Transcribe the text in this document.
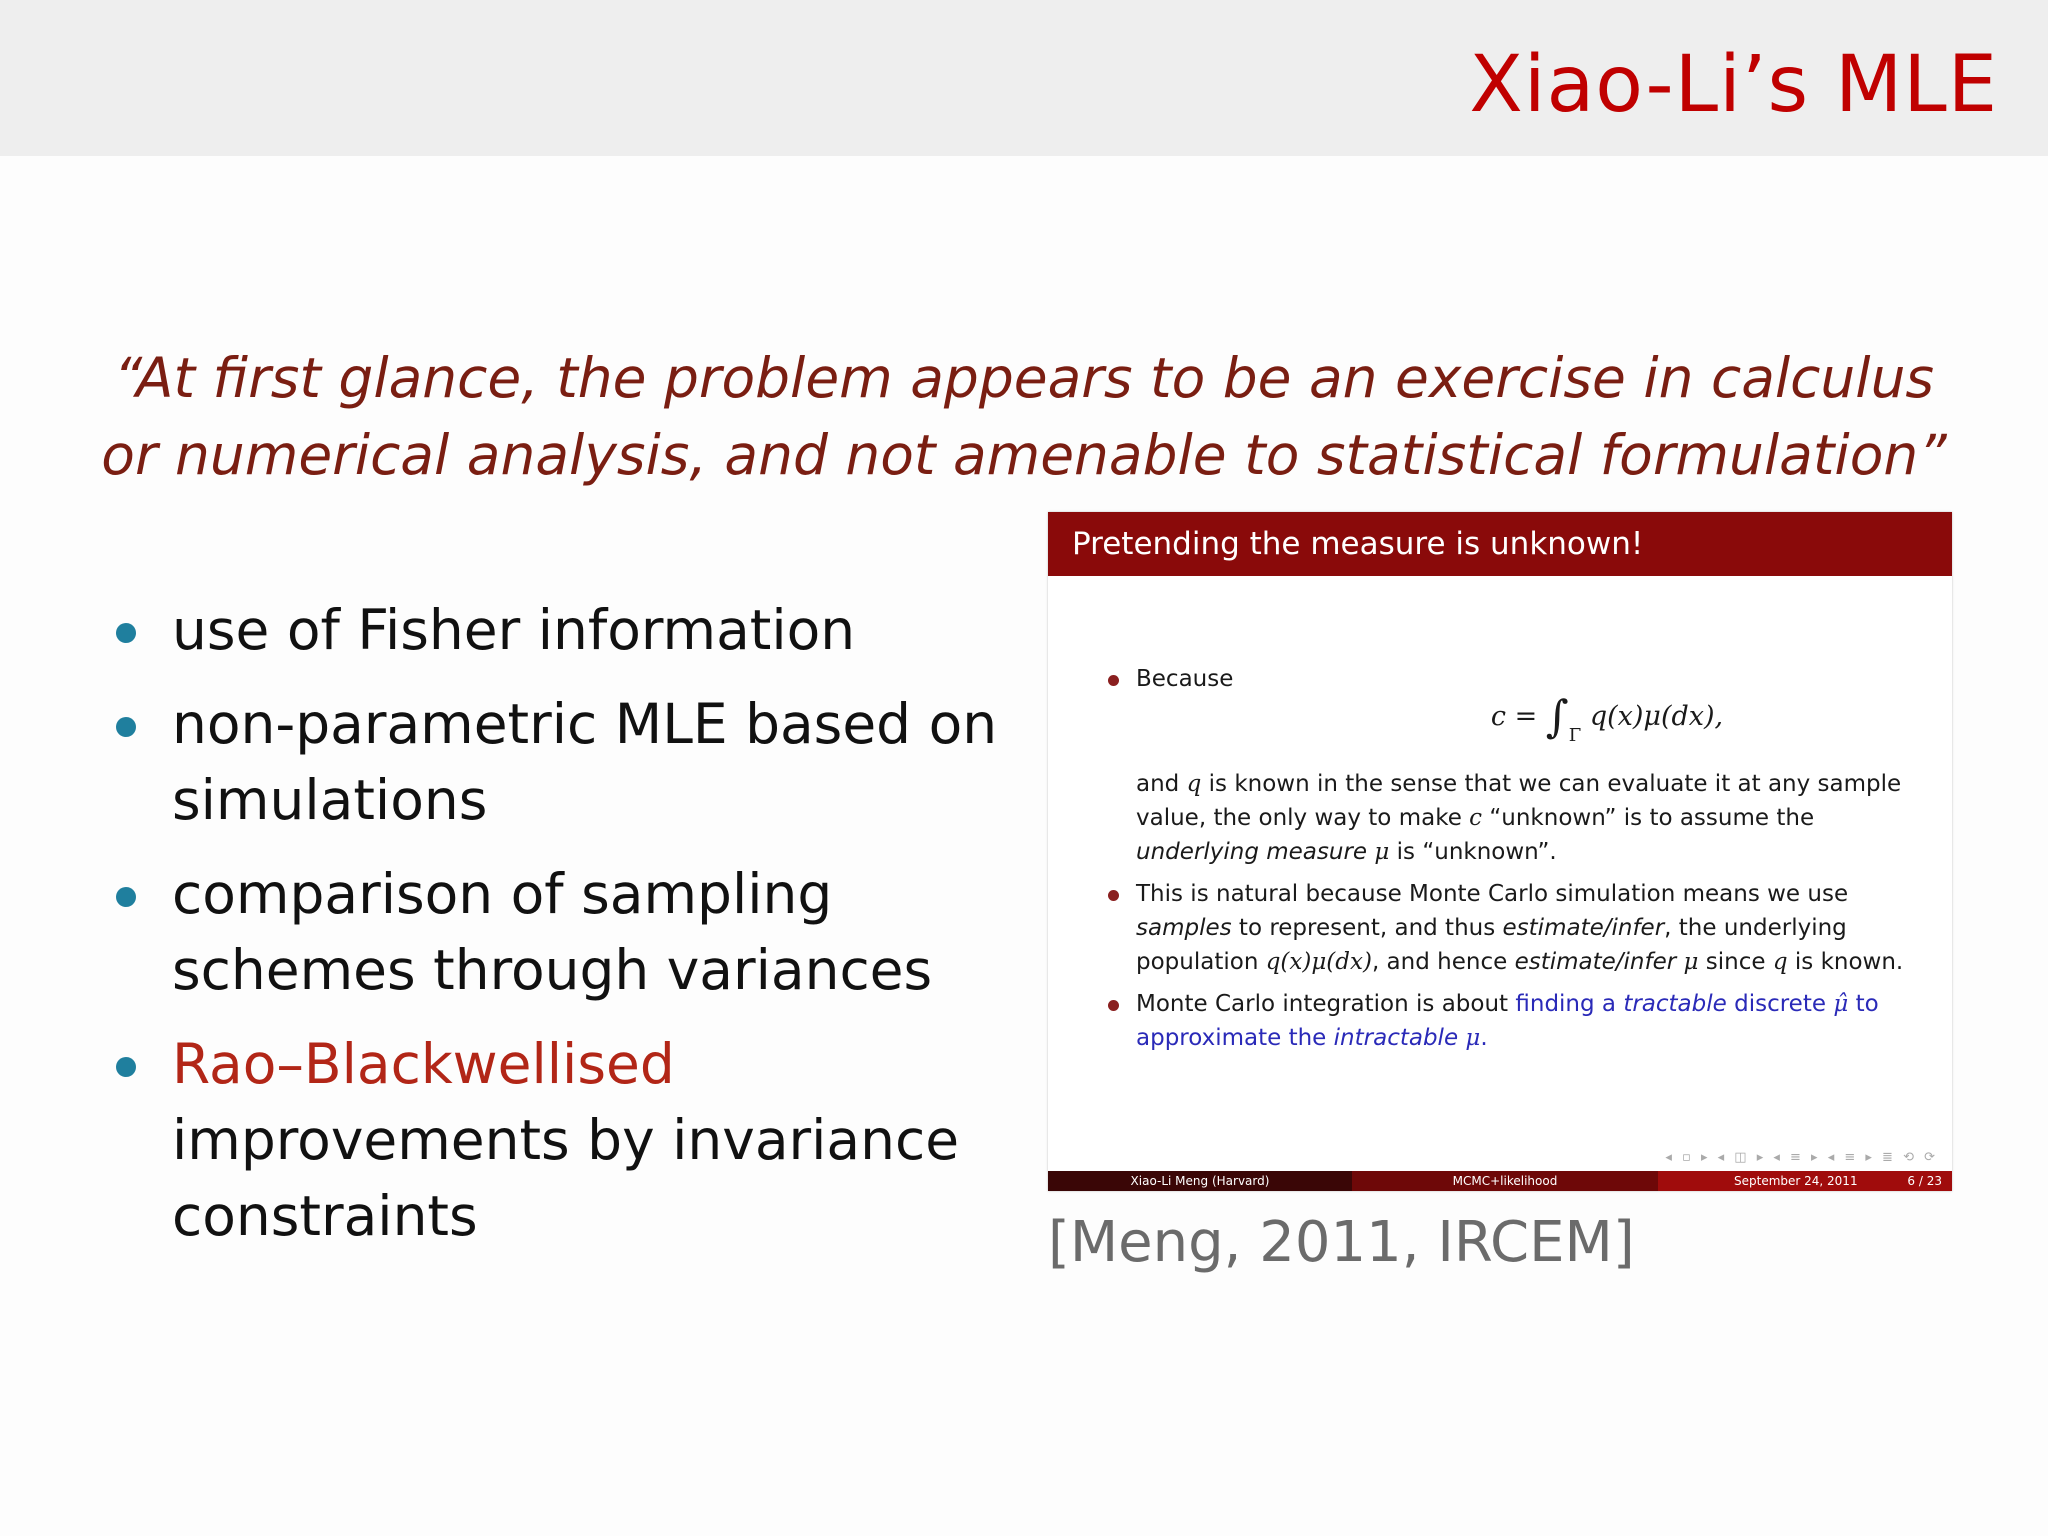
Xiao-Li’s MLE
“At first glance, the problem appears to be an exercise in calculus
or numerical analysis, and not amenable to statistical formulation”
use of Fisher information
non-parametric MLE based on
simulations
comparison of sampling
schemes through variances
Rao–Blackwellised
improvements by invariance
constraints
Pretending the measure is unknown!
Because
$c = \int_\Gamma$ q(x)μ(dx),
and q is known in the sense that we can evaluate it at any sample value, the only way to make c “unknown” is to assume the underlying measure μ is “unknown”.
This is natural because Monte Carlo simulation means we use samples to represent, and thus estimate/infer, the underlying population q(x)μ(dx), and hence estimate/infer μ since q is known.
Monte Carlo integration is about finding a tractable discrete μ̂ to approximate the intractable μ.
◂ ▫ ▸ ◂ ◫ ▸ ◂ ≡ ▸ ◂ ≡ ▸ ≣ ⟲ ⟳
Xiao-Li Meng (Harvard)	MCMC+likelihood	September 24, 2011	6 / 23
[Meng, 2011, IRCEM]
